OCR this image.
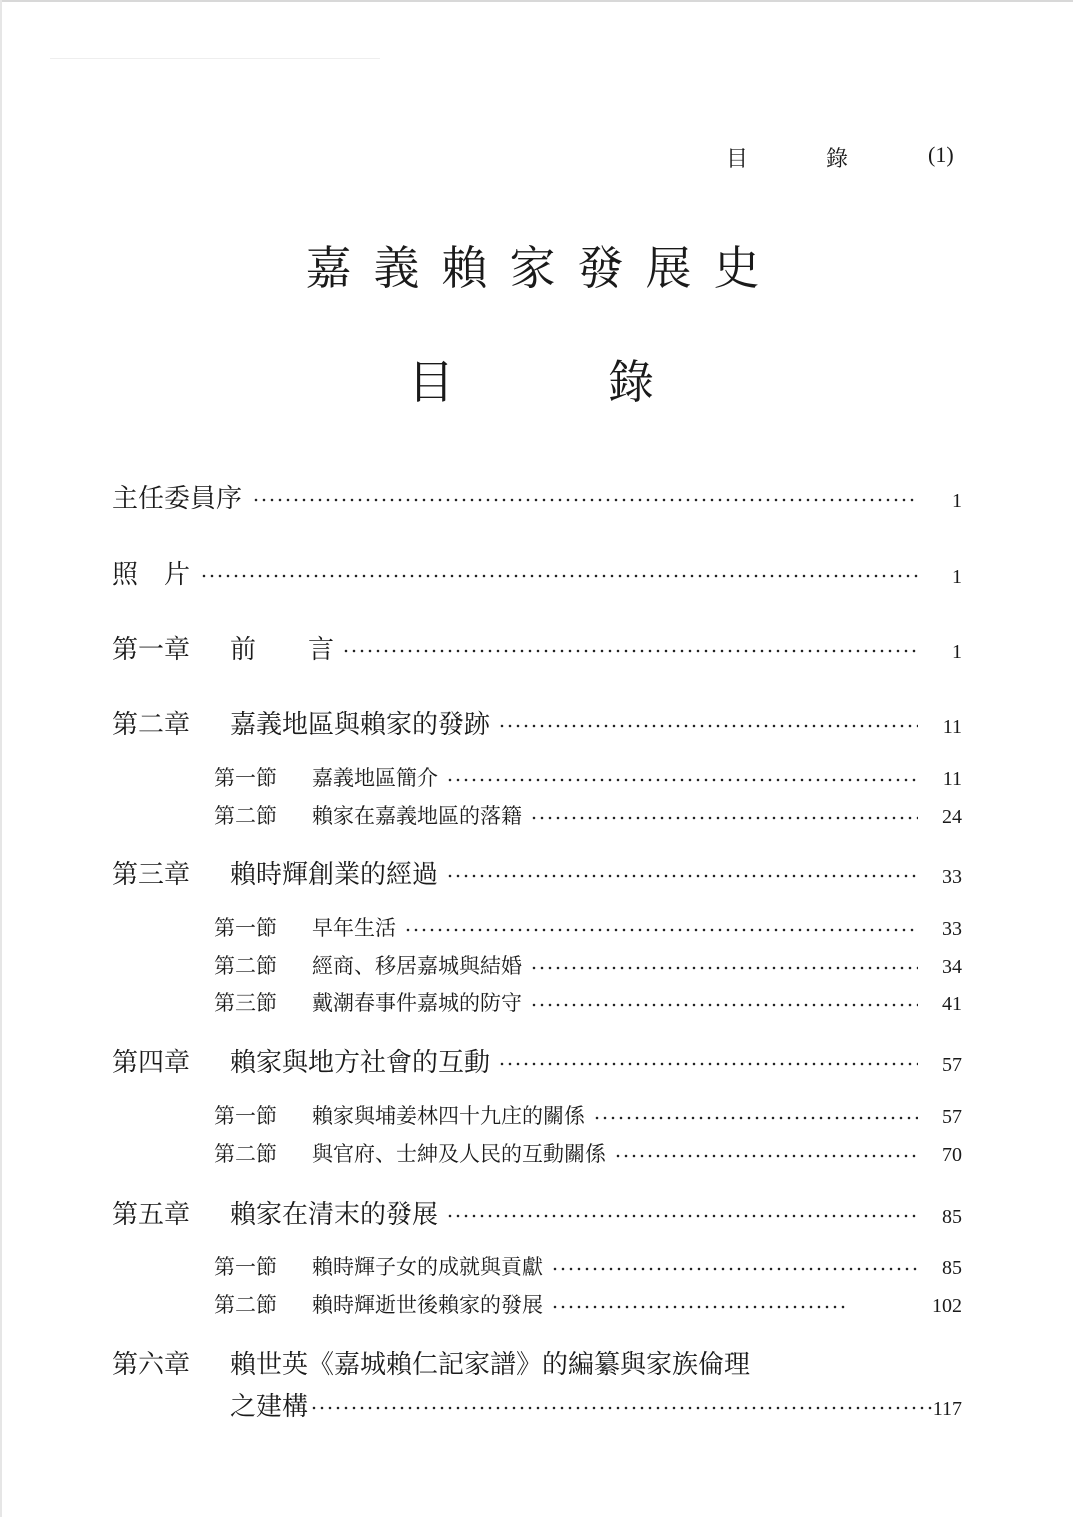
目	錄	(1)
嘉義賴家發展史
目	錄
主任委員序	1
照　片	1
第一章	前　　言	1
第二章	嘉義地區與賴家的發跡	11
第一節	嘉義地區簡介	11
第二節	賴家在嘉義地區的落籍	24
第三章	賴時輝創業的經過	33
第一節	早年生活	33
第二節	經商、移居嘉城與結婚	34
第三節	戴潮春事件嘉城的防守	41
第四章	賴家與地方社會的互動	57
第一節	賴家與埔姜林四十九庄的關係	57
第二節	與官府、士紳及人民的互動關係	70
第五章	賴家在清末的發展	85
第一節	賴時輝子女的成就與貢獻	85
第二節	賴時輝逝世後賴家的發展	102
第六章 賴世英《嘉城賴仁記家譜》的編纂與家族倫理
之建構	117
